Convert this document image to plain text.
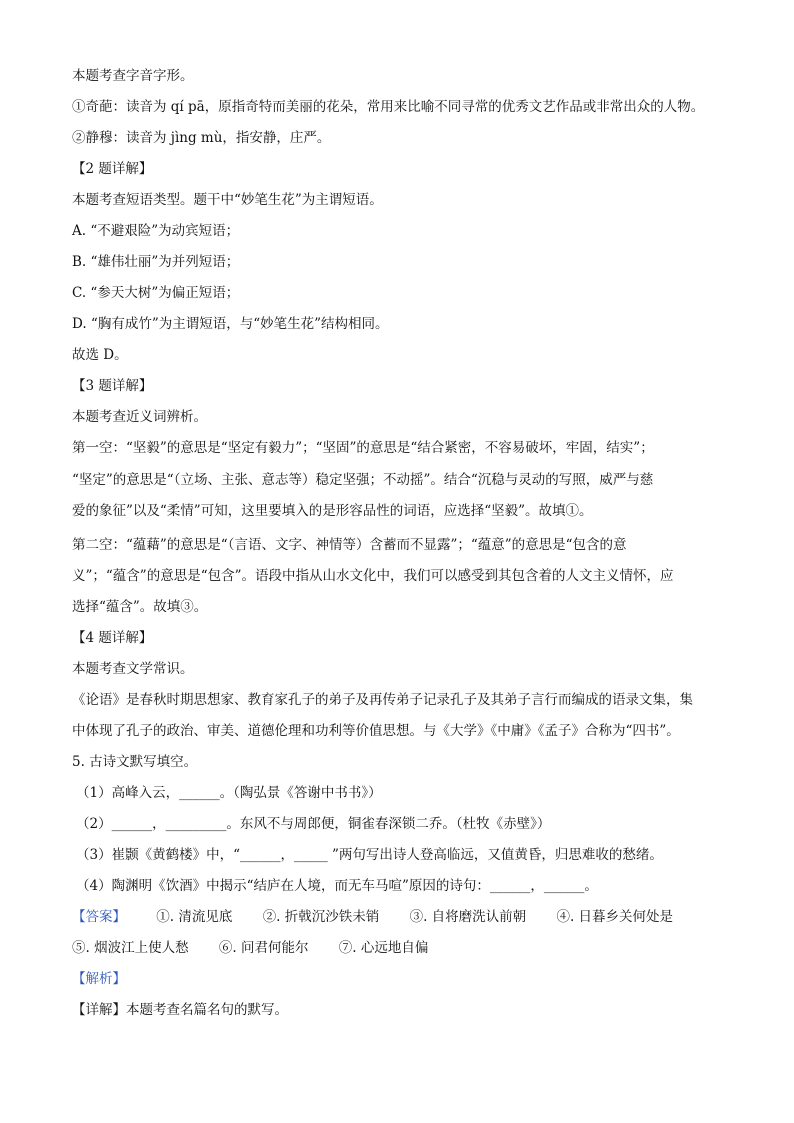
本题考查字音字形。
①奇葩：读音为 qí pā，原指奇特而美丽的花朵，常用来比喻不同寻常的优秀文艺作品或非常出众的人物。
②静穆：读音为 jìng mù，指安静，庄严。
【2 题详解】
本题考查短语类型。题干中“妙笔生花”为主谓短语。
A. “不避艰险”为动宾短语；
B. “雄伟壮丽”为并列短语；
C. “参天大树”为偏正短语；
D. “胸有成竹”为主谓短语，与“妙笔生花”结构相同。
故选 D。
【3 题详解】
本题考查近义词辨析。
第一空：“坚毅”的意思是“坚定有毅力”；“坚固”的意思是“结合紧密，不容易破坏，牢固，结实”；
“坚定”的意思是“（立场、主张、意志等）稳定坚强；不动摇”。结合“沉稳与灵动的写照，威严与慈
爱的象征”以及“柔情”可知，这里要填入的是形容品性的词语，应选择“坚毅”。故填①。
第二空：“蕴藉”的意思是“（言语、文字、神情等）含蓄而不显露”；“蕴意”的意思是“包含的意
义”；“蕴含”的意思是“包含”。语段中指从山水文化中，我们可以感受到其包含着的人文主义情怀，应
选择“蕴含”。故填③。
【4 题详解】
本题考查文学常识。
《论语》是春秋时期思想家、教育家孔子的弟子及再传弟子记录孔子及其弟子言行而编成的语录文集，集
中体现了孔子的政治、审美、道德伦理和功利等价值思想。与《大学》《中庸》《孟子》合称为“四书”。
5. 古诗文默写填空。
（1）高峰入云，______。（陶弘景《答谢中书书》）
（2）______，_________。东风不与周郎便，铜雀春深锁二乔。（杜牧《赤壁》）
（3）崔颢《黄鹤楼》中，“______，_____ ”两句写出诗人登高临远，又值黄昏，归思难收的愁绪。
（4）陶渊明《饮酒》中揭示“结庐在人境，而无车马喧”原因的诗句：______，______。
【答案】 ①. 清流见底 ②. 折戟沉沙铁未销 ③. 自将磨洗认前朝 ④. 日暮乡关何处是
⑤. 烟波江上使人愁 ⑥. 问君何能尔 ⑦. 心远地自偏
【解析】
【详解】本题考查名篇名句的默写。
